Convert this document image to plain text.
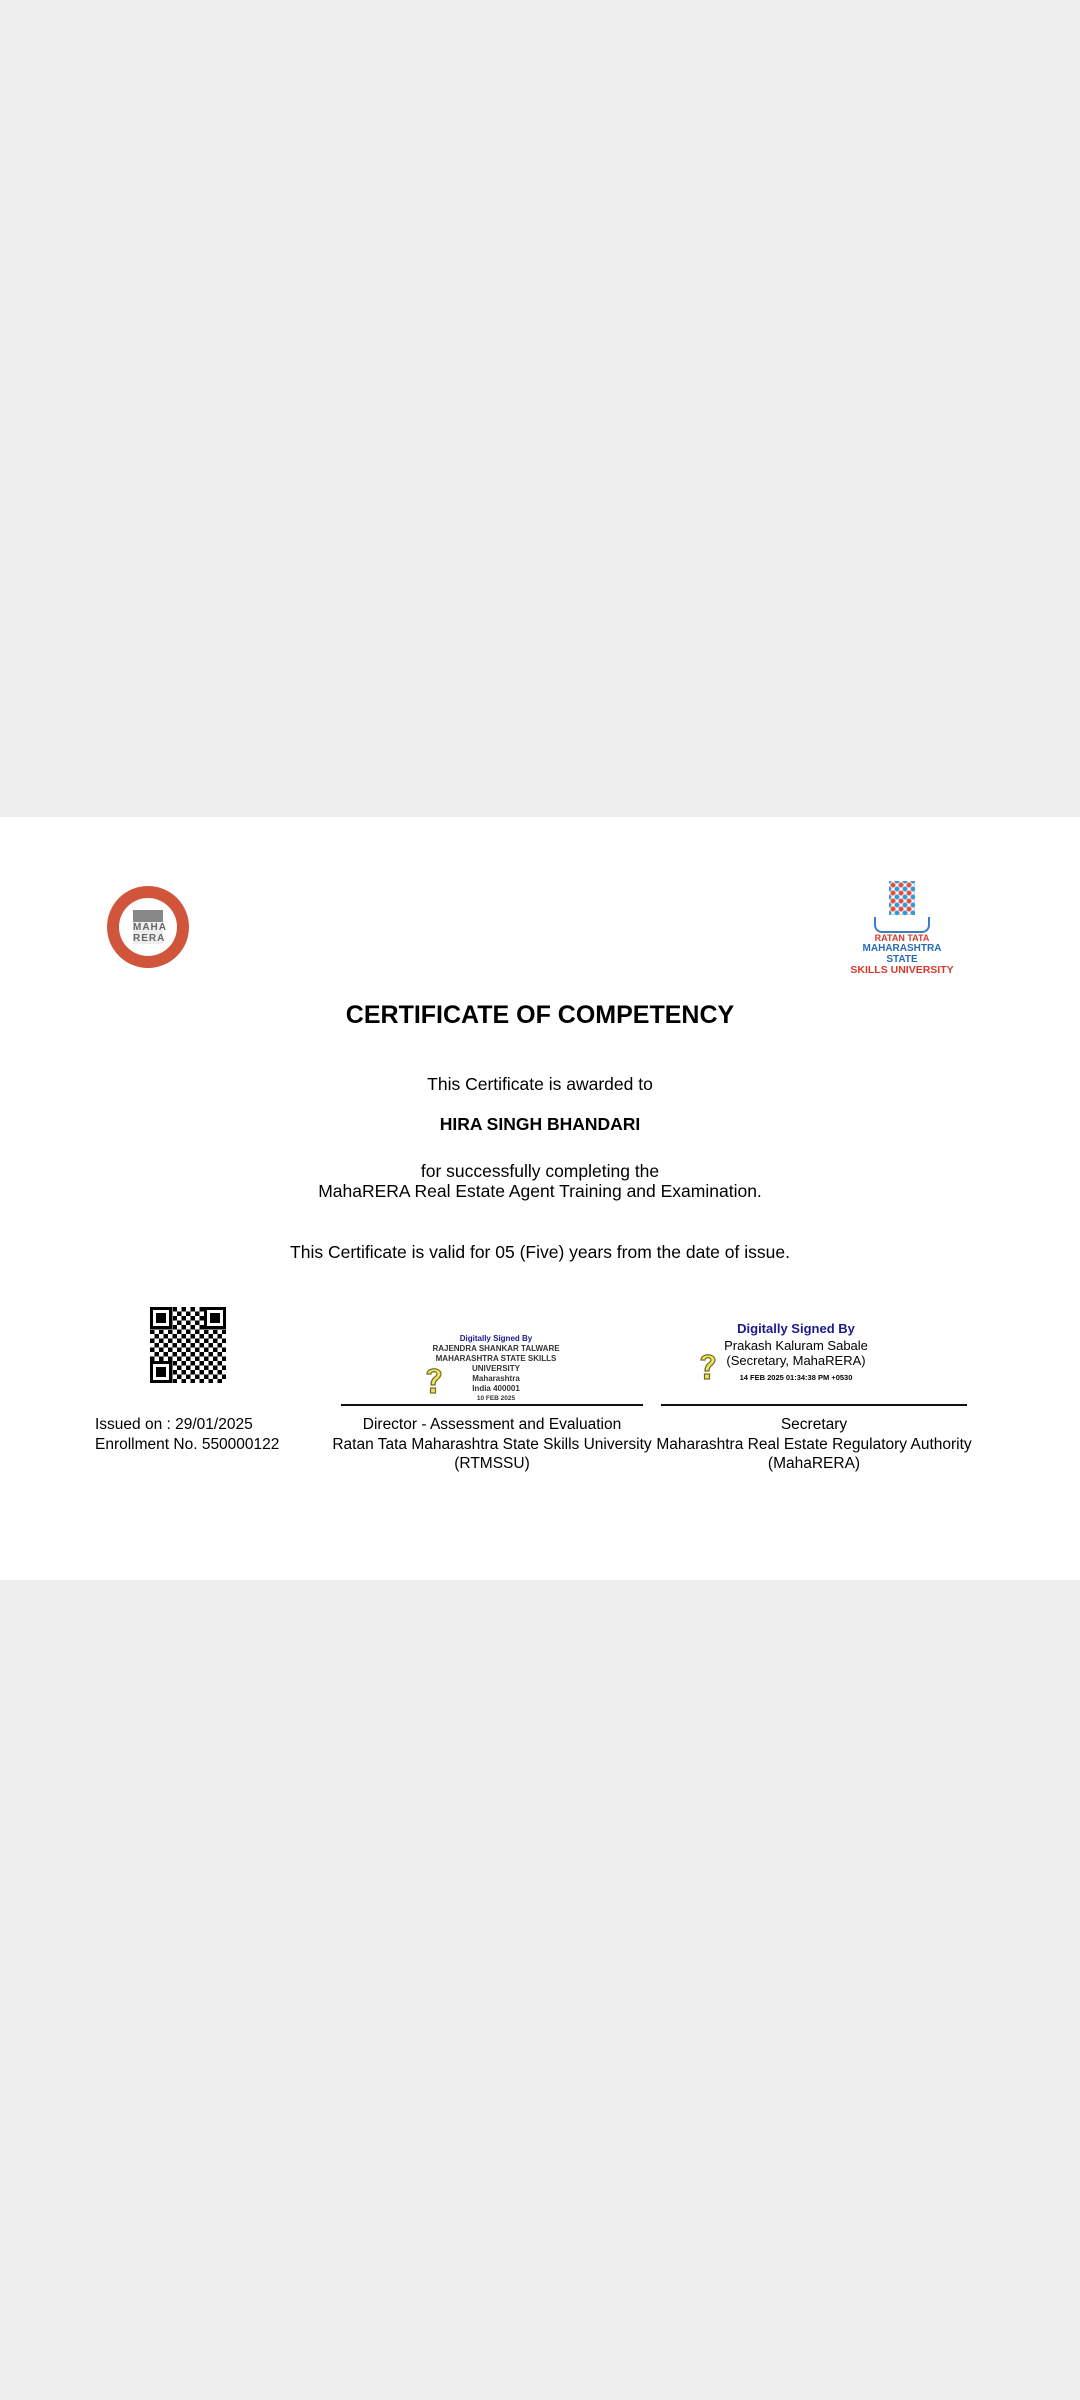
MAHA RERA	RATAN TATA
MAHARASHTRA STATE
SKILLS UNIVERSITY
CERTIFICATE OF COMPETENCY
This Certificate is awarded to
HIRA SINGH BHANDARI
for successfully completing the
MahaRERA Real Estate Agent Training and Examination.
This Certificate is valid for 05 (Five) years from the date of issue.
Issued on : 29/01/2025
Enrollment No. 550000122
Digitally Signed By
RAJENDRA SHANKAR TALWARE
MAHARASHTRA STATE SKILLS
UNIVERSITY
Maharashtra
India 400001
10 FEB 2025
Director - Assessment and Evaluation
Ratan Tata Maharashtra State Skills University
(RTMSSU)
Digitally Signed By
Prakash Kaluram Sabale
(Secretary, MahaRERA)
14 FEB 2025 01:34:38 PM +0530
Secretary
Maharashtra Real Estate Regulatory Authority
(MahaRERA)
